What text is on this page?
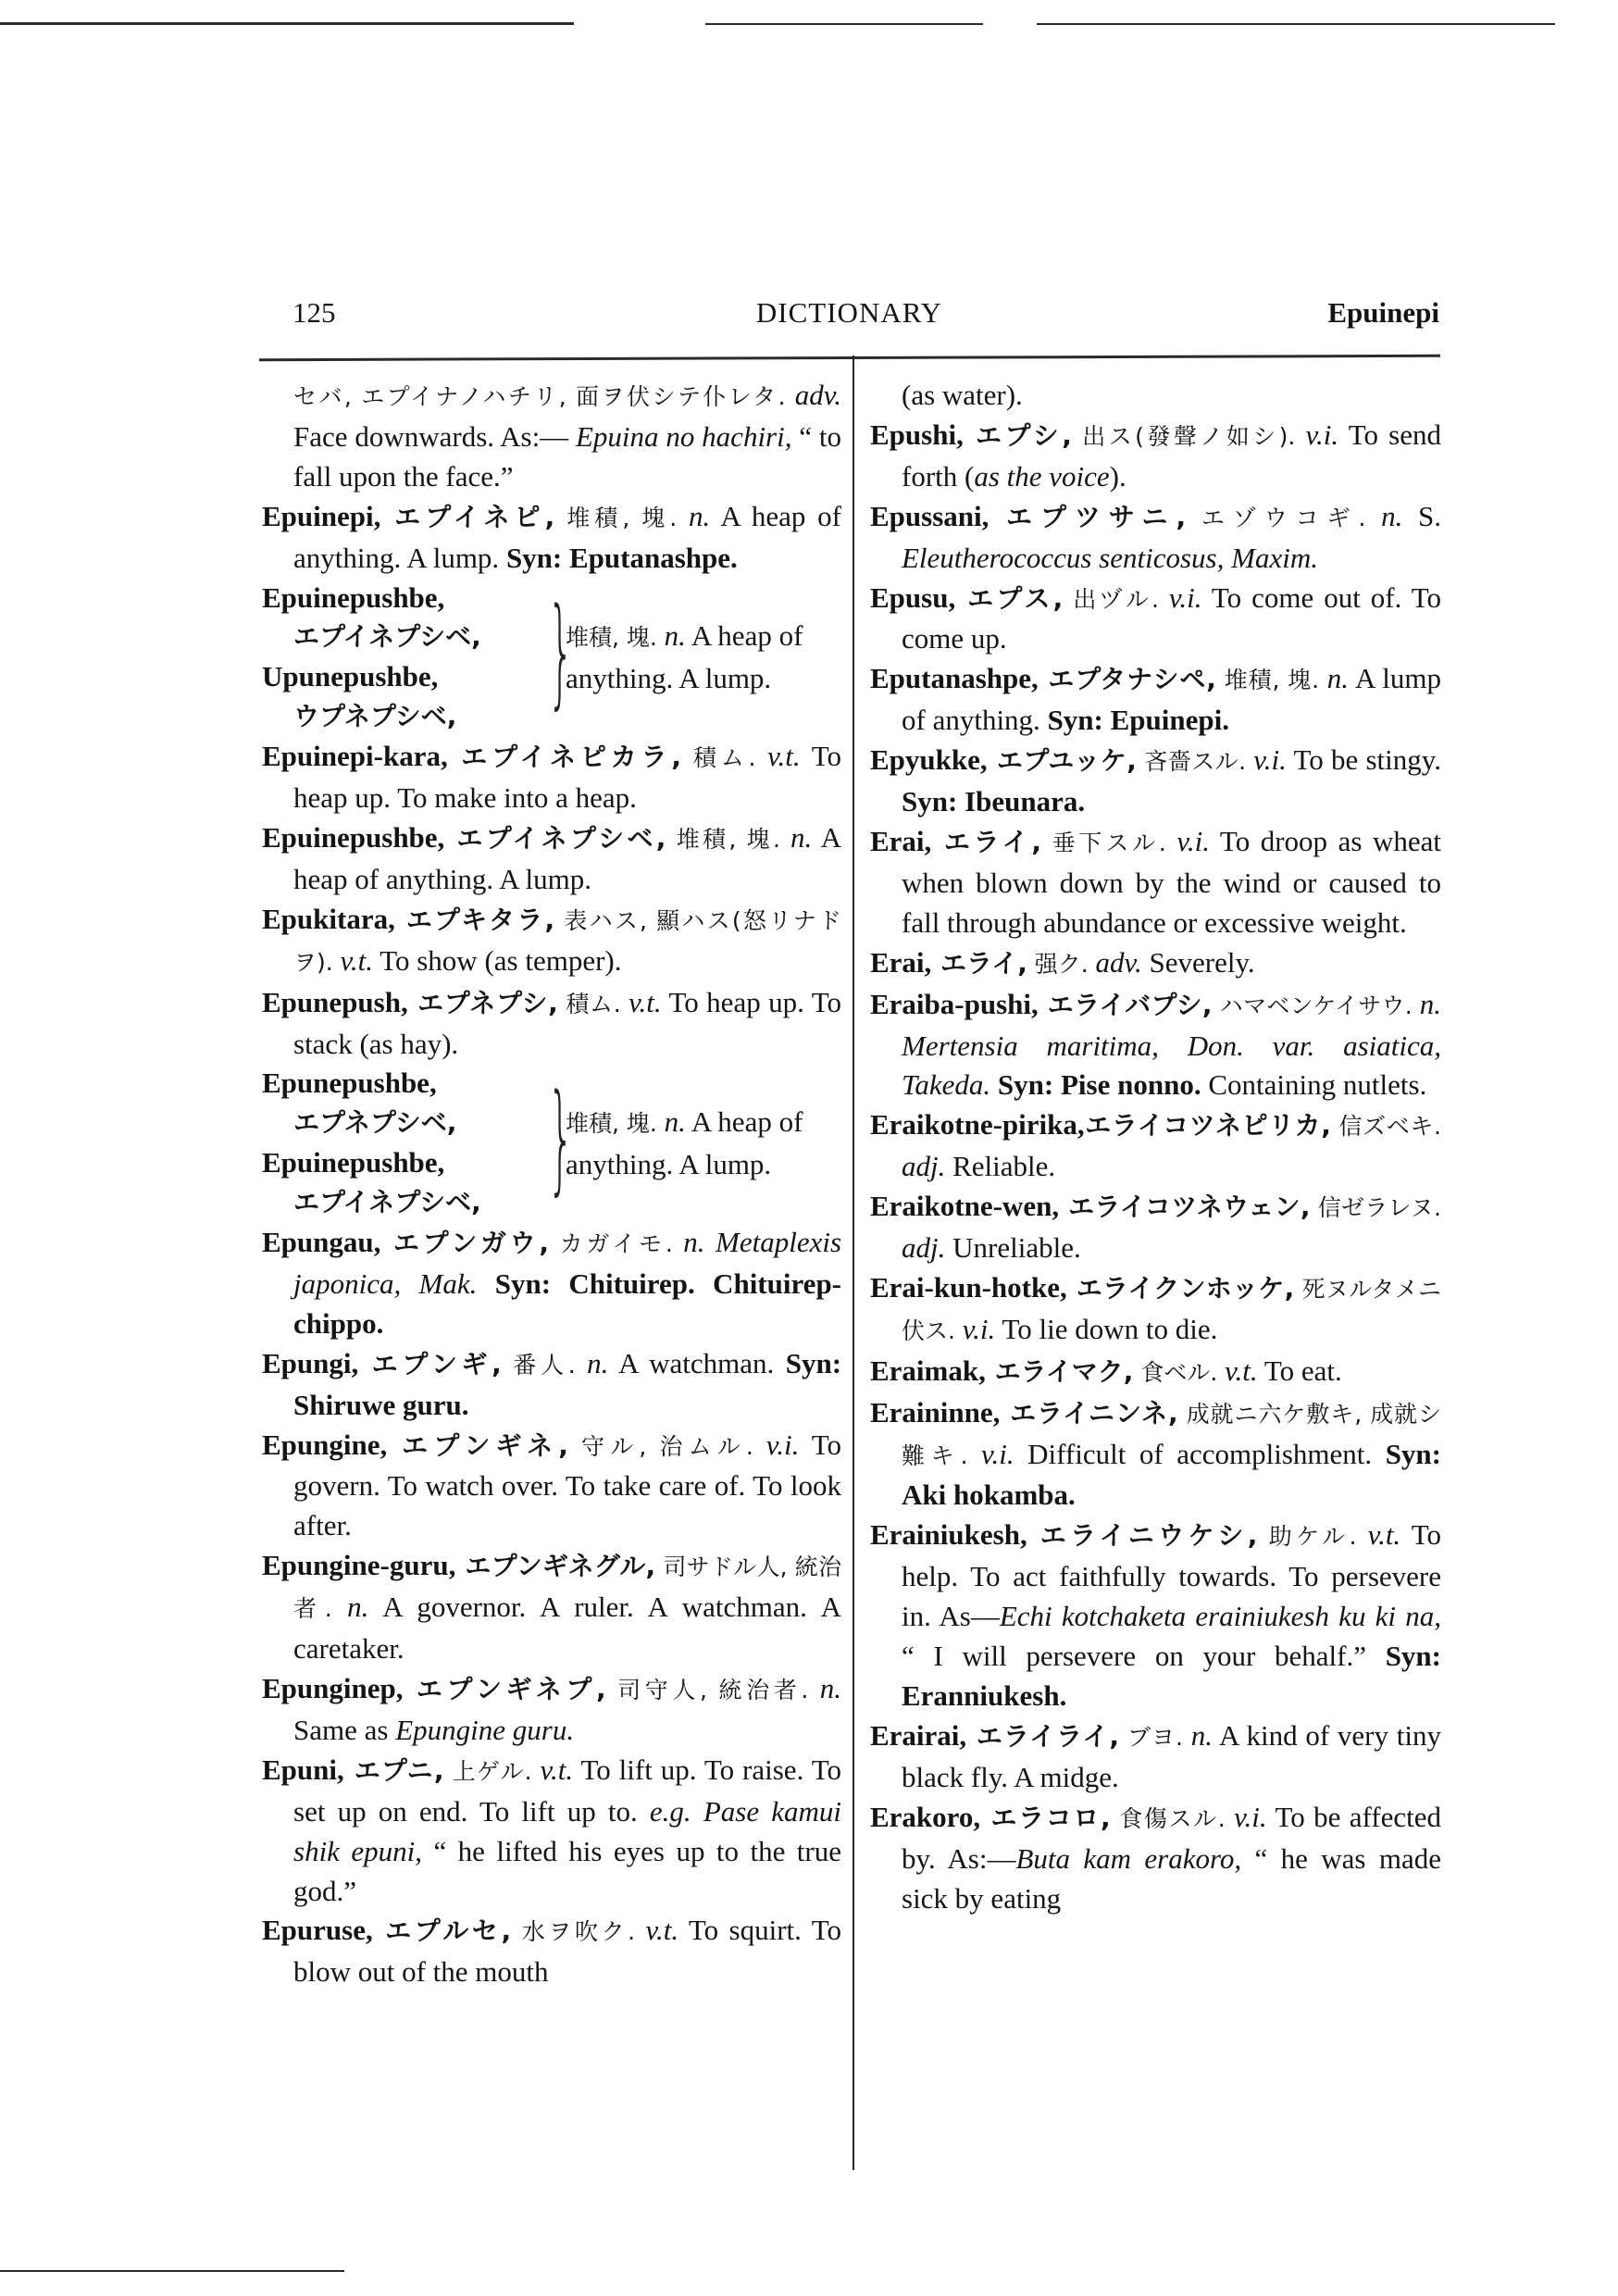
125	DICTIONARY	Epuinepi

セバ, エプイナノハチリ, 面ヲ伏シテ仆レタ. adv. Face downwards. As:— Epuina no hachiri, “ to fall upon the face.”

Epuinepi, エプイネピ, 堆積, 塊. n. A heap of anything. A lump. Syn: Eputanashpe.

Epuinepushbe,
エプイネプシベ,
Upunepushbe,
ウプネプシベ, }
堆積, 塊. n. A heap of anything. A lump.

Epuinepi-kara, エプイネピカラ, 積ム. v.t. To heap up. To make into a heap.

Epuinepushbe, エプイネプシベ, 堆積, 塊. n. A heap of anything. A lump.

Epukitara, エプキタラ, 表ハス, 顯ハス(怒リナドヲ). v.t. To show (as temper).

Epunepush, エプネプシ, 積ム. v.t. To heap up. To stack (as hay).

Epunepushbe,
エプネプシベ,
Epuinepushbe,
エプイネプシベ, }
堆積, 塊. n. A heap of anything. A lump.

Epungau, エプンガウ, カガイモ. n. Metaplexis japonica, Mak. Syn: Chituirep. Chituirep-chippo.

Epungi, エプンギ, 番人. n. A watchman. Syn: Shiruwe guru.

Epungine, エプンギネ, 守ル, 治ムル. v.i. To govern. To watch over. To take care of. To look after.

Epungine-guru, エプンギネグル, 司サドル人, 統治者. n. A governor. A ruler. A watchman. A caretaker.

Epunginep, エプンギネプ, 司守人, 統治者. n. Same as Epungine guru.

Epuni, エプニ, 上ゲル. v.t. To lift up. To raise. To set up on end. To lift up to. e.g. Pase kamui shik epuni, “ he lifted his eyes up to the true god.”

Epuruse, エプルセ, 水ヲ吹ク. v.t. To squirt. To blow out of the mouth

(as water).

Epushi, エプシ, 出ス(發聲ノ如シ). v.i. To send forth (as the voice).

Epussani, エプツサニ, エゾウコギ. n. S. Eleutherococcus senticosus, Maxim.

Epusu, エプス, 出ヅル. v.i. To come out of. To come up.

Eputanashpe, エプタナシペ, 堆積, 塊. n. A lump of anything. Syn: Epuinepi.

Epyukke, エプユッケ, 吝嗇スル. v.i. To be stingy. Syn: Ibeunara.

Erai, エライ, 垂下スル. v.i. To droop as wheat when blown down by the wind or caused to fall through abundance or excessive weight.

Erai, エライ, 强ク. adv. Severely.

Eraiba-pushi, エライバプシ, ハマベンケイサウ. n. Mertensia maritima, Don. var. asiatica, Takeda. Syn: Pise nonno. Containing nutlets.

Eraikotne-pirika,エライコツネピリカ, 信ズベキ. adj. Reliable.

Eraikotne-wen, エライコツネウェン, 信ゼラレヌ. adj. Unreliable.

Erai-kun-hotke, エライクンホッケ, 死ヌルタメニ伏ス. v.i. To lie down to die.

Eraimak, エライマク, 食ベル. v.t. To eat.

Eraininne, エライニンネ, 成就ニ六ケ敷キ, 成就シ難キ. v.i. Difficult of accomplishment. Syn: Aki hokamba.

Erainiukesh, エライニウケシ, 助ケル. v.t. To help. To act faithfully towards. To persevere in. As—Echi kotchaketa erainiukesh ku ki na, “ I will persevere on your behalf.” Syn: Eranniukesh.

Erairai, エライライ, ブヨ. n. A kind of very tiny black fly. A midge.

Erakoro, エラコロ, 食傷スル. v.i. To be affected by. As:—Buta kam erakoro, “ he was made sick by eating
